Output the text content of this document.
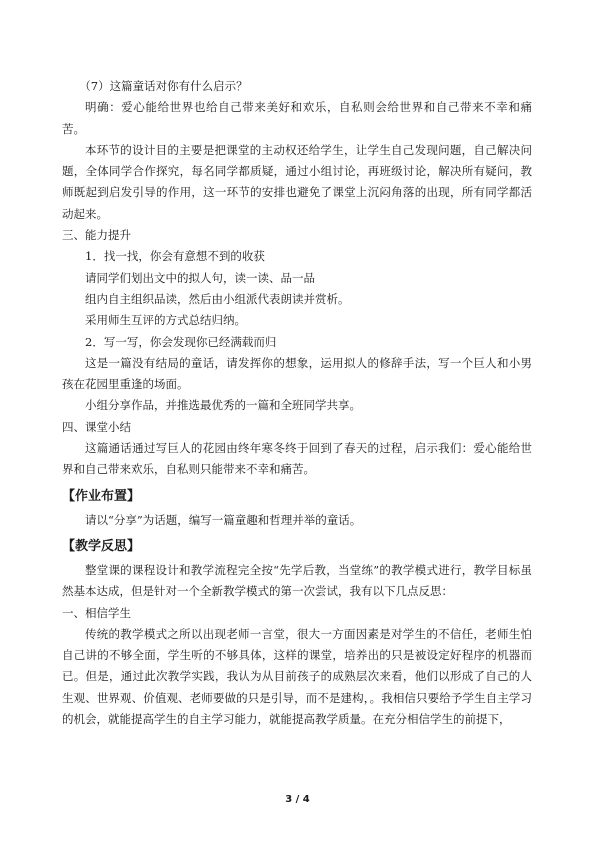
（7）这篇童话对你有什么启示？

明确：爱心能给世界也给自己带来美好和欢乐，自私则会给世界和自己带来不幸和痛苦。

本环节的设计目的主要是把课堂的主动权还给学生，让学生自己发现问题，自己解决问题，全体同学合作探究，每名同学都质疑，通过小组讨论，再班级讨论，解决所有疑问，教师既起到启发引导的作用，这一环节的安排也避免了课堂上沉闷角落的出现，所有同学都活动起来。

三、能力提升

1．找一找，你会有意想不到的收获

请同学们划出文中的拟人句，读一读、品一品

组内自主组织品读，然后由小组派代表朗读并赏析。

采用师生互评的方式总结归纳。

2．写一写，你会发现你已经满载而归

这是一篇没有结局的童话，请发挥你的想象，运用拟人的修辞手法，写一个巨人和小男孩在花园里重逢的场面。

小组分享作品，并推选最优秀的一篇和全班同学共享。

四、课堂小结

这篇通话通过写巨人的花园由终年寒冬终于回到了春天的过程，启示我们：爱心能给世界和自己带来欢乐，自私则只能带来不幸和痛苦。

【作业布置】

请以“分享”为话题，编写一篇童趣和哲理并举的童话。

【教学反思】

整堂课的课程设计和教学流程完全按“先学后教，当堂练”的教学模式进行，教学目标虽然基本达成，但是针对一个全新教学模式的第一次尝试，我有以下几点反思：

一、相信学生

传统的教学模式之所以出现老师一言堂，很大一方面因素是对学生的不信任，老师生怕自己讲的不够全面，学生听的不够具体，这样的课堂，培养出的只是被设定好程序的机器而已。但是，通过此次教学实践，我认为从目前孩子的成熟层次来看，他们以形成了自己的人生观、世界观、价值观、老师要做的只是引导，而不是建构，。我相信只要给予学生自主学习的机会，就能提高学生的自主学习能力，就能提高教学质量。在充分相信学生的前提下，

3 / 4
